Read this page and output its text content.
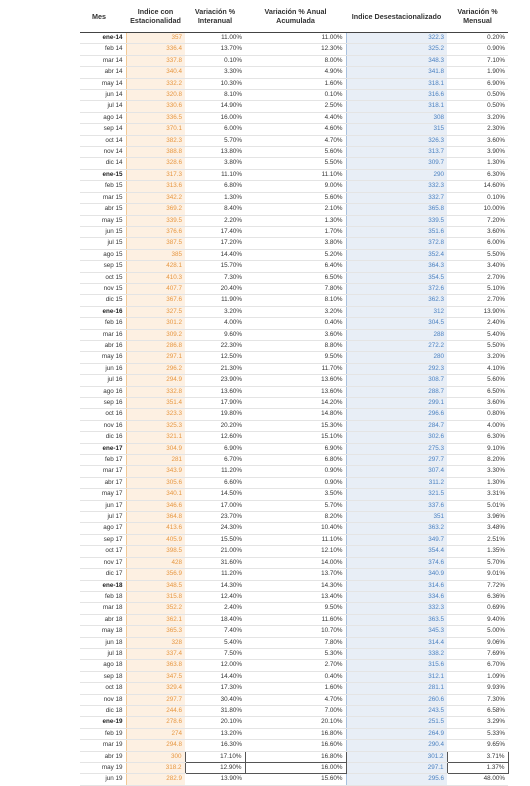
Mes	Indice con Estacionalidad	Variación % Interanual	Variación % Anual Acumulada	Indice Desestacionalizado	Variación % Mensual
ene-14	357	11.00%	11.00%	322.3	0.20%
feb 14	336.4	13.70%	12.30%	325.2	0.90%
mar 14	337.8	0.10%	8.00%	348.3	7.10%
abr 14	340.4	3.30%	4.90%	341.8	1.90%
may 14	332.2	10.30%	1.60%	318.1	6.90%
jun 14	320.8	8.10%	0.10%	316.6	0.50%
jul 14	330.6	14.90%	2.50%	318.1	0.50%
ago 14	336.5	16.00%	4.40%	308	3.20%
sep 14	370.1	6.00%	4.60%	315	2.30%
oct 14	382.3	5.70%	4.70%	326.3	3.60%
nov 14	388.8	13.80%	5.60%	313.7	3.90%
dic 14	328.6	3.80%	5.50%	309.7	1.30%
ene-15	317.3	11.10%	11.10%	290	6.30%
feb 15	313.6	6.80%	9.00%	332.3	14.60%
mar 15	342.2	1.30%	5.60%	332.7	0.10%
abr 15	369.2	8.40%	2.10%	365.8	10.00%
may 15	339.5	2.20%	1.30%	339.5	7.20%
jun 15	376.6	17.40%	1.70%	351.6	3.60%
jul 15	387.5	17.20%	3.80%	372.8	6.00%
ago 15	385	14.40%	5.20%	352.4	5.50%
sep 15	428.1	15.70%	6.40%	364.3	3.40%
oct 15	410.3	7.30%	6.50%	354.5	2.70%
nov 15	407.7	20.40%	7.80%	372.6	5.10%
dic 15	367.6	11.90%	8.10%	362.3	2.70%
ene-16	327.5	3.20%	3.20%	312	13.90%
feb 16	301.2	4.00%	0.40%	304.5	2.40%
mar 16	309.2	9.60%	3.60%	288	5.40%
abr 16	286.8	22.30%	8.80%	272.2	5.50%
may 16	297.1	12.50%	9.50%	280	3.20%
jun 16	296.2	21.30%	11.70%	292.3	4.10%
jul 16	294.9	23.90%	13.60%	308.7	5.60%
ago 16	332.8	13.60%	13.60%	288.7	6.50%
sep 16	351.4	17.90%	14.20%	299.1	3.60%
oct 16	323.3	19.80%	14.80%	296.6	0.80%
nov 16	325.3	20.20%	15.30%	284.7	4.00%
dic 16	321.1	12.60%	15.10%	302.6	6.30%
ene-17	304.9	6.90%	6.90%	275.3	9.10%
feb 17	281	6.70%	6.80%	297.7	8.20%
mar 17	343.9	11.20%	0.90%	307.4	3.30%
abr 17	305.6	6.60%	0.90%	311.2	1.30%
may 17	340.1	14.50%	3.50%	321.5	3.31%
jun 17	346.6	17.00%	5.70%	337.6	5.01%
jul 17	364.8	23.70%	8.20%	351	3.96%
ago 17	413.6	24.30%	10.40%	363.2	3.48%
sep 17	405.9	15.50%	11.10%	349.7	2.51%
oct 17	398.5	21.00%	12.10%	354.4	1.35%
nov 17	428	31.60%	14.00%	374.6	5.70%
dic 17	356.9	11.20%	13.70%	340.9	9.01%
ene-18	348.5	14.30%	14.30%	314.6	7.72%
feb 18	315.8	12.40%	13.40%	334.6	6.36%
mar 18	352.2	2.40%	9.50%	332.3	0.69%
abr 18	362.1	18.40%	11.60%	363.5	9.40%
may 18	365.3	7.40%	10.70%	345.3	5.00%
jun 18	328	5.40%	7.80%	314.4	9.06%
jul 18	337.4	7.50%	5.30%	338.2	7.69%
ago 18	363.8	12.00%	2.70%	315.6	6.70%
sep 18	347.5	14.40%	0.40%	312.1	1.09%
oct 18	329.4	17.30%	1.60%	281.1	9.93%
nov 18	297.7	30.40%	4.70%	260.6	7.30%
dic 18	244.6	31.80%	7.00%	243.5	6.58%
ene-19	278.6	20.10%	20.10%	251.5	3.29%
feb 19	274	13.20%	16.80%	264.9	5.33%
mar 19	294.8	16.30%	16.60%	290.4	9.65%
abr 19	300	17.10%	16.80%	301.2	3.71%
may 19	318.2	12.90%	16.00%	297.1	1.37%
jun 19	282.9	13.90%	15.60%	295.6	48.00%
